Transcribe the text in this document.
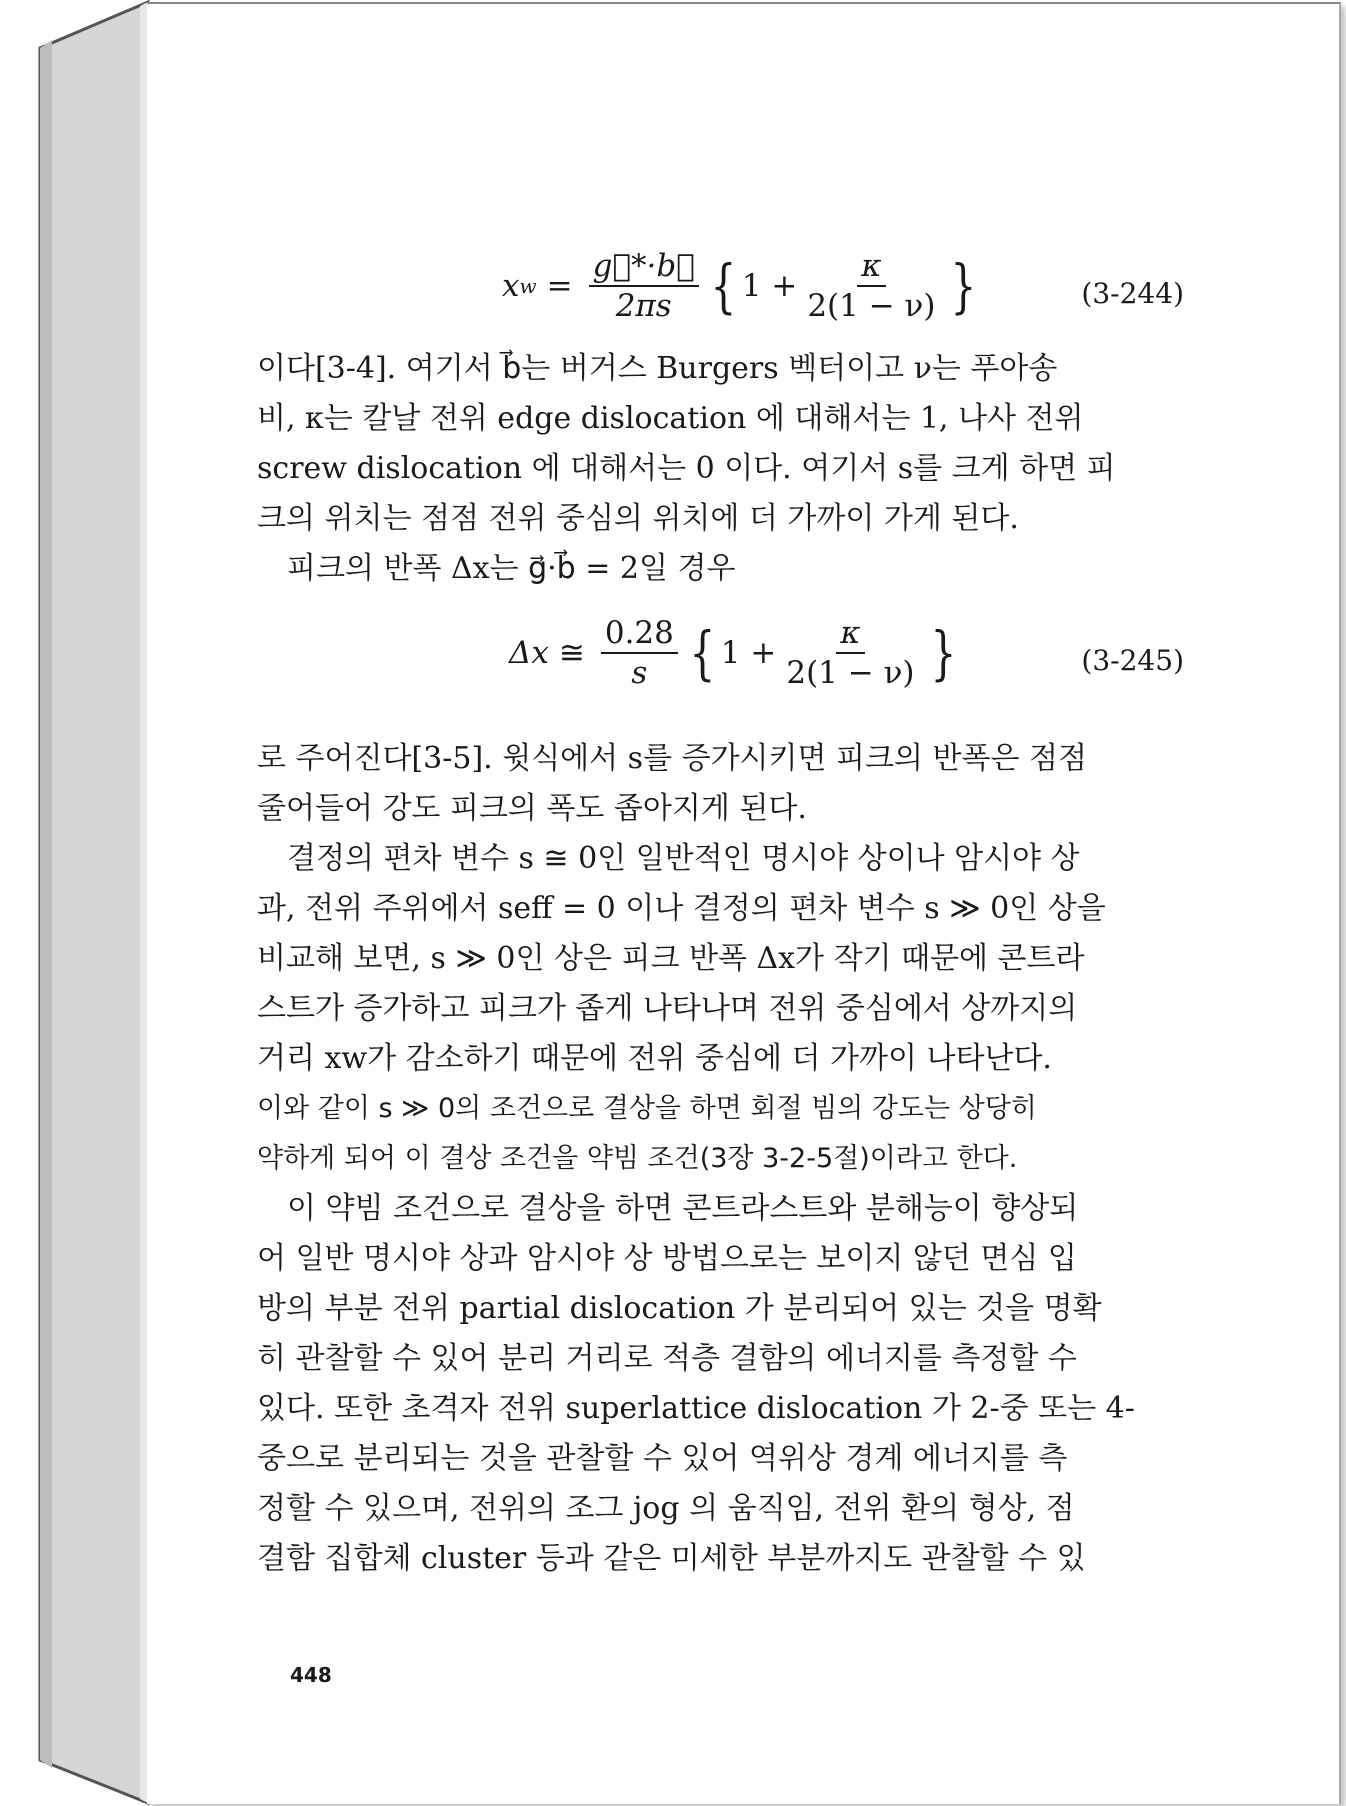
x $w = \frac{g⃗*\cdot b⃗}{2\pi s}$ { $1 + \frac{\kappa}{2(1 - \nu)}$ }	(3-244)
이다[3-4]. 여기서 b⃗는 버거스 Burgers 벡터이고 ν는 푸아송
비, κ는 칼날 전위 edge dislocation 에 대해서는 1, 나사 전위
screw dislocation 에 대해서는 0 이다. 여기서 s를 크게 하면 피
크의 위치는 점점 전위 중심의 위치에 더 가까이 가게 된다.
피크의 반폭 Δx는 g⃗·b⃗ = 2일 경우
Δx ≅ $\frac{0.28}{s}$ { $1 + \frac{\kappa}{2(1 - \nu)}$ }	(3-245)
로 주어진다[3-5]. 윗식에서 s를 증가시키면 피크의 반폭은 점점
줄어들어 강도 피크의 폭도 좁아지게 된다.
결정의 편차 변수 s ≅ 0인 일반적인 명시야 상이나 암시야 상
과, 전위 주위에서 seff = 0 이나 결정의 편차 변수 s ≫ 0인 상을
비교해 보면, s ≫ 0인 상은 피크 반폭 Δx가 작기 때문에 콘트라
스트가 증가하고 피크가 좁게 나타나며 전위 중심에서 상까지의
거리 xw가 감소하기 때문에 전위 중심에 더 가까이 나타난다.
이와 같이 s ≫ 0의 조건으로 결상을 하면 회절 빔의 강도는 상당히
약하게 되어 이 결상 조건을 약빔 조건(3장 3-2-5절)이라고 한다.
이 약빔 조건으로 결상을 하면 콘트라스트와 분해능이 향상되
어 일반 명시야 상과 암시야 상 방법으로는 보이지 않던 면심 입
방의 부분 전위 partial dislocation 가 분리되어 있는 것을 명확
히 관찰할 수 있어 분리 거리로 적층 결함의 에너지를 측정할 수
있다. 또한 초격자 전위 superlattice dislocation 가 2-중 또는 4-
중으로 분리되는 것을 관찰할 수 있어 역위상 경계 에너지를 측
정할 수 있으며, 전위의 조그 jog 의 움직임, 전위 환의 형상, 점
결함 집합체 cluster 등과 같은 미세한 부분까지도 관찰할 수 있
448
